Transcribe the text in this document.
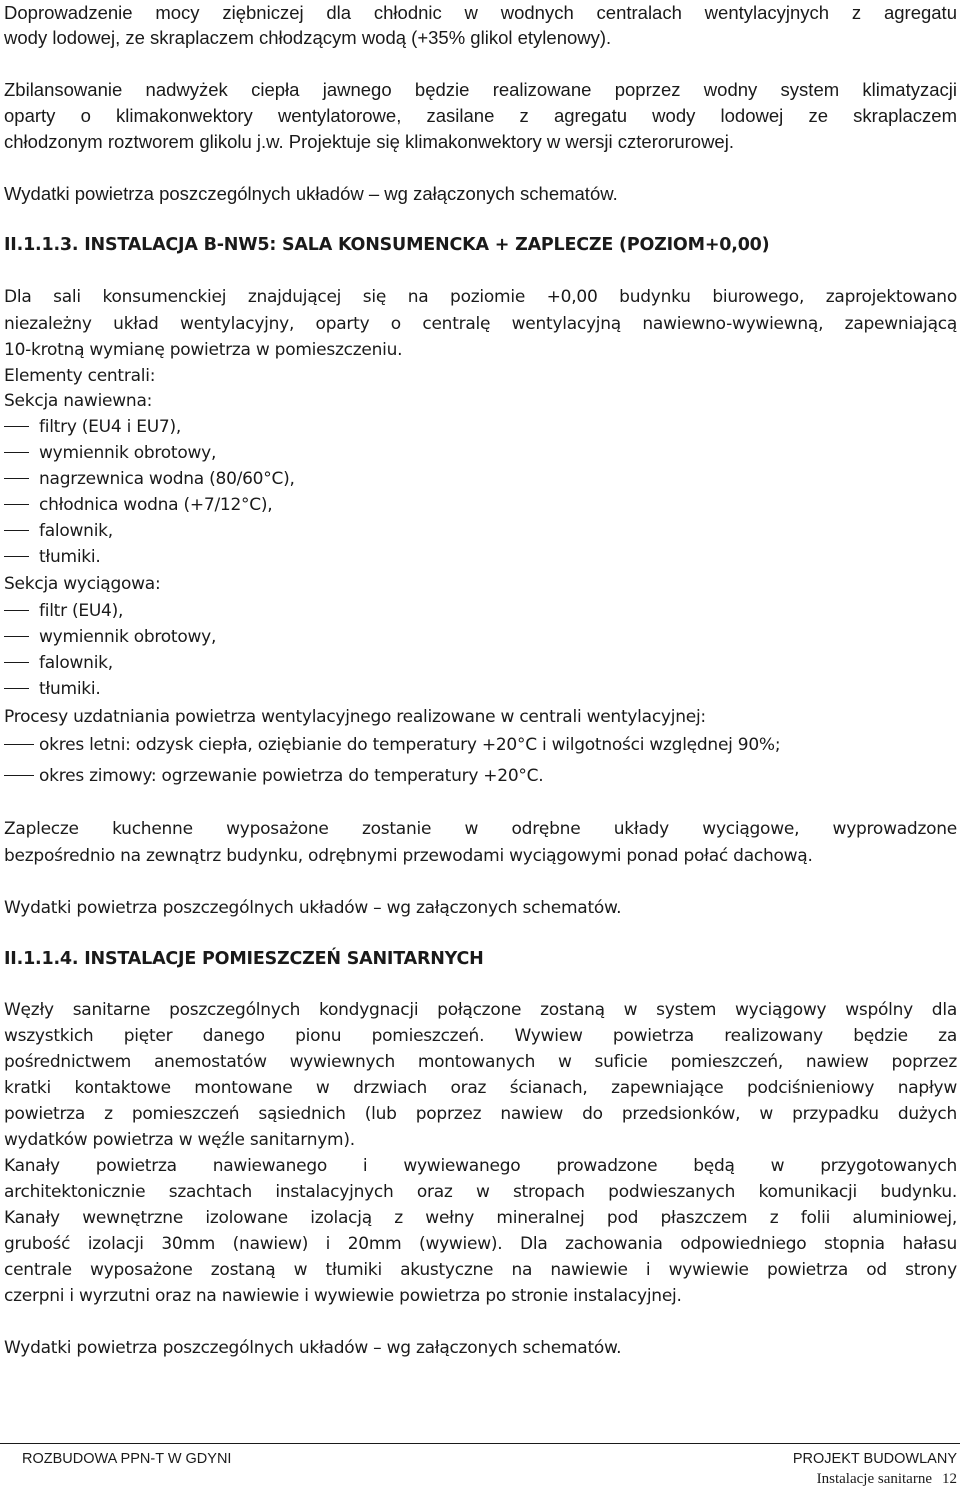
Doprowadzenie mocy ziębniczej dla chłodnic w wodnych centralach wentylacyjnych z agregatu
wody lodowej, ze skraplaczem chłodzącym wodą (+35% glikol etylenowy).
Zbilansowanie nadwyżek ciepła jawnego będzie realizowane poprzez wodny system klimatyzacji
oparty o klimakonwektory wentylatorowe, zasilane z agregatu wody lodowej ze skraplaczem
chłodzonym roztworem glikolu j.w. Projektuje się klimakonwektory w wersji czterorurowej.
Wydatki powietrza poszczególnych układów – wg załączonych schematów.
II.1.1.3. INSTALACJA B-NW5: SALA KONSUMENCKA + ZAPLECZE (POZIOM+0,00)
Dla sali konsumenckiej znajdującej się na poziomie +0,00 budynku biurowego, zaprojektowano
niezależny układ wentylacyjny, oparty o centralę wentylacyjną nawiewno-wywiewną, zapewniającą
10-krotną wymianę powietrza w pomieszczeniu.
Elementy centrali:
Sekcja nawiewna:
filtry (EU4 i EU7),
wymiennik obrotowy,
nagrzewnica wodna (80/60°C),
chłodnica wodna (+7/12°C),
falownik,
tłumiki.
Sekcja wyciągowa:
filtr (EU4),
wymiennik obrotowy,
falownik,
tłumiki.
Procesy uzdatniania powietrza wentylacyjnego realizowane w centrali wentylacyjnej:
okres letni: odzysk ciepła, oziębianie do temperatury +20°C i wilgotności względnej 90%;
okres zimowy: ogrzewanie powietrza do temperatury +20°C.
Zaplecze kuchenne wyposażone zostanie w odrębne układy wyciągowe, wyprowadzone
bezpośrednio na zewnątrz budynku, odrębnymi przewodami wyciągowymi ponad połać dachową.
Wydatki powietrza poszczególnych układów – wg załączonych schematów.
II.1.1.4. INSTALACJE POMIESZCZEŃ SANITARNYCH
Węzły sanitarne poszczególnych kondygnacji połączone zostaną w system wyciągowy wspólny dla
wszystkich pięter danego pionu pomieszczeń. Wywiew powietrza realizowany będzie za
pośrednictwem anemostatów wywiewnych montowanych w suficie pomieszczeń, nawiew poprzez
kratki kontaktowe montowane w drzwiach oraz ścianach, zapewniające podciśnieniowy napływ
powietrza z pomieszczeń sąsiednich (lub poprzez nawiew do przedsionków, w przypadku dużych
wydatków powietrza w węźle sanitarnym).
Kanały powietrza nawiewanego i wywiewanego prowadzone będą w przygotowanych
architektonicznie szachtach instalacyjnych oraz w stropach podwieszanych komunikacji budynku.
Kanały wewnętrzne izolowane izolacją z wełny mineralnej pod płaszczem z folii aluminiowej,
grubość izolacji 30mm (nawiew) i 20mm (wywiew). Dla zachowania odpowiedniego stopnia hałasu
centrale wyposażone zostaną w tłumiki akustyczne na nawiewie i wywiewie powietrza od strony
czerpni i wyrzutni oraz na nawiewie i wywiewie powietrza po stronie instalacyjnej.
Wydatki powietrza poszczególnych układów – wg załączonych schematów.
ROZBUDOWA PPN-T W GDYNI	PROJEKT BUDOWLANY
Instalacje sanitarne 12
